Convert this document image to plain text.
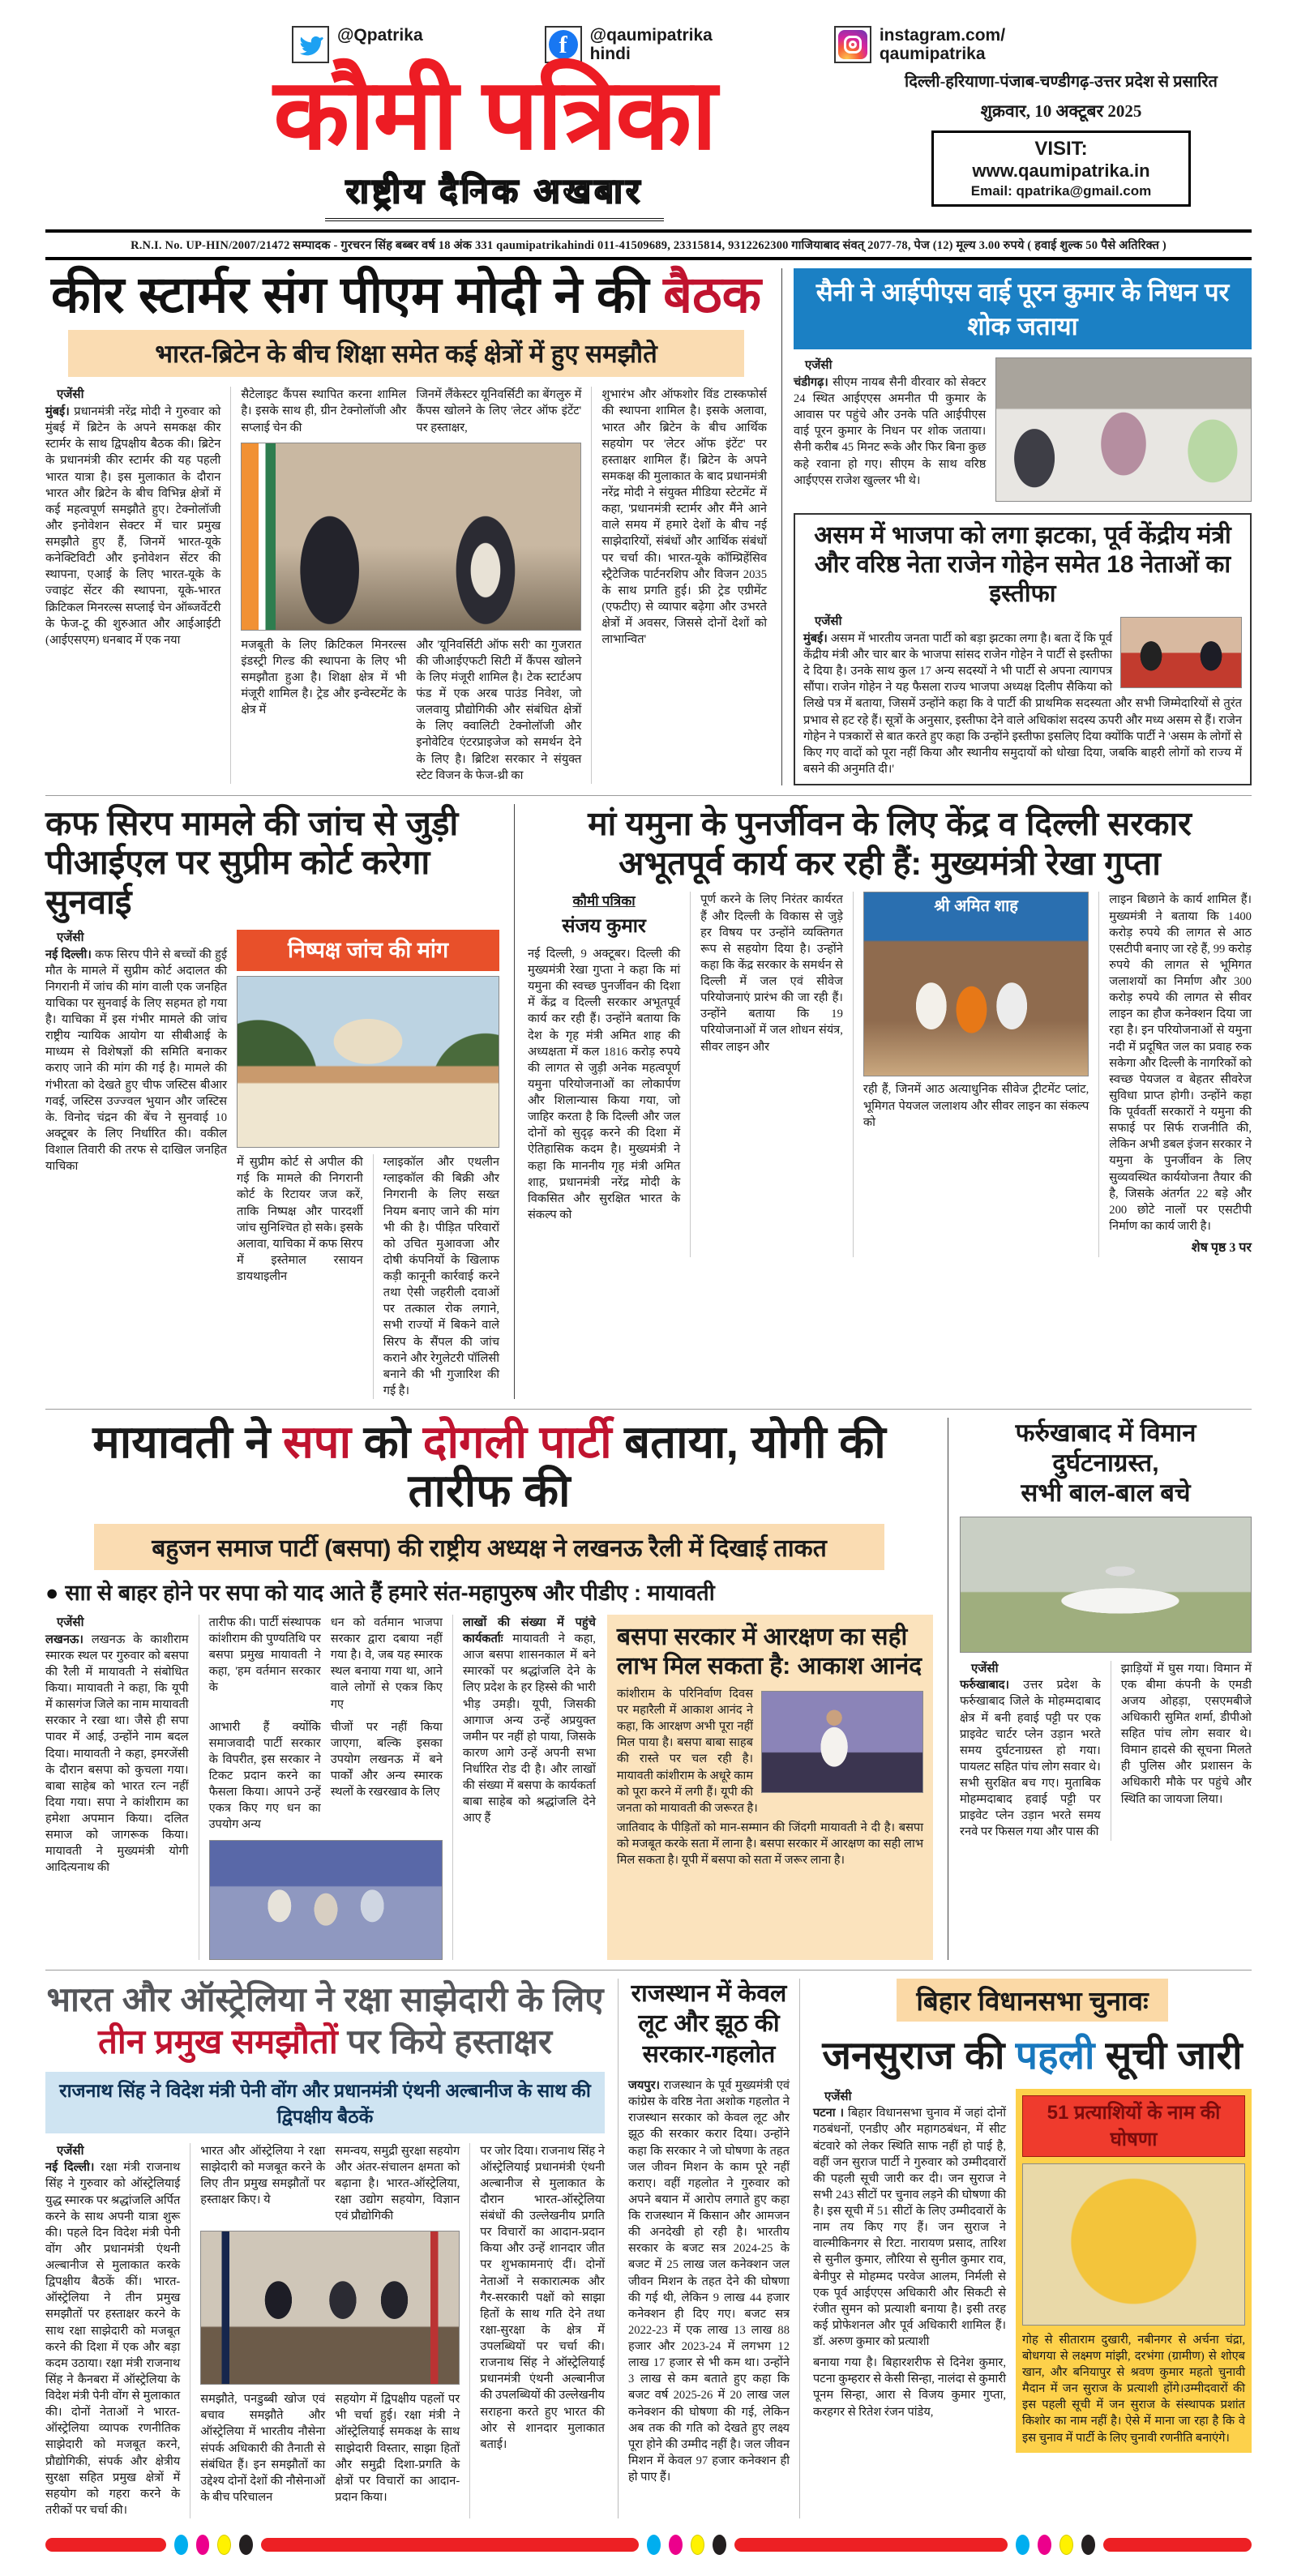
@Qpatrika	f	@qaumipatrika
hindi
instagram.com/
qaumipatrika
कौमी पत्रिका
राष्ट्रीय दैनिक अखबार
दिल्ली-हरियाणा-पंजाब-चण्डीगढ़-उत्तर प्रदेश से प्रसारित
शुक्रवार, 10 अक्टूबर 2025
VISIT:
www.qaumipatrika.in
Email: qpatrika@gmail.com
R.N.I. No. UP-HIN/2007/21472 सम्पादक - गुरचरन सिंह बब्बर वर्ष 18 अंक 331 qaumipatrikahindi 011-41509689, 23315814, 9312262300 गाजियाबाद संवत् 2077-78, पेज (12) मूल्य 3.00 रुपये ( हवाई शुल्क 50 पैसे अतिरिक्त )
कीर स्टार्मर संग पीएम मोदी ने की बैठक
भारत-ब्रिटेन के बीच शिक्षा समेत कई क्षेत्रों में हुए समझौते
एजेंसी

मुंबई। प्रधानमंत्री नरेंद्र मोदी ने गुरुवार को मुंबई में ब्रिटेन के अपने समकक्ष कीर स्टार्मर के साथ द्विपक्षीय बैठक की। ब्रिटेन के प्रधानमंत्री कीर स्टार्मर की यह पहली भारत यात्रा है। इस मुलाकात के दौरान भारत और ब्रिटेन के बीच विभिन्न क्षेत्रों में कई महत्वपूर्ण समझौते हुए। टेक्नोलॉजी और इनोवेशन सेक्टर में चार प्रमुख समझौते हुए हैं, जिनमें भारत-यूके कनेक्टिविटी और इनोवेशन सेंटर की स्थापना, एआई के लिए भारत-यूके के ज्वाइंट सेंटर की स्थापना, यूके-भारत क्रिटिकल मिनरल्स सप्लाई चेन ऑब्जर्वेटरी के फेज-टू की शुरुआत और आईआईटी (आईएसएम) धनबाद में एक नया

सैटेलाइट कैंपस स्थापित करना शामिल है। इसके साथ ही, ग्रीन टेक्नोलॉजी और सप्लाई चेन की
जिनमें लैंकेस्टर यूनिवर्सिटी का बेंगलुरु में कैंपस खोलने के लिए 'लेटर ऑफ इंटेंट' पर हस्ताक्षर,
मजबूती के लिए क्रिटिकल मिनरल्स इंडस्ट्री गिल्ड की स्थापना के लिए भी समझौता हुआ है। शिक्षा क्षेत्र में भी मंजूरी शामिल है। ट्रेड और इन्वेस्टमेंट के क्षेत्र में
और 'यूनिवर्सिटी ऑफ सरी' का गुजरात की जीआईएफटी सिटी में कैंपस खोलने के लिए मंजूरी शामिल है। टेक स्टार्टअप फंड में एक अरब पाउंड निवेश, जो जलवायु प्रौद्योगिकी और संबंधित क्षेत्रों के लिए क्वालिटी टेक्नोलॉजी और इनोवेटिव एंटरप्राइजेज को समर्थन देने के लिए है। ब्रिटिश सरकार ने संयुक्त स्टेट विजन के फेज-थ्री का
शुभारंभ और ऑफशोर विंड टास्कफोर्स की स्थापना शामिल है। इसके अलावा, भारत और ब्रिटेन के बीच आर्थिक सहयोग पर 'लेटर ऑफ इंटेंट' पर हस्ताक्षर शामिल हैं। ब्रिटेन के अपने समकक्ष की मुलाकात के बाद प्रधानमंत्री नरेंद्र मोदी ने संयुक्त मीडिया स्टेटमेंट में कहा, 'प्रधानमंत्री स्टार्मर और मैंने आने वाले समय में हमारे देशों के बीच नई साझेदारियों, संबंधों और आर्थिक संबंधों पर चर्चा की। भारत-यूके कॉम्प्रिहेंसिव स्ट्रैटेजिक पार्टनरशिप और विजन 2035 के साथ प्रगति हुई। फ्री ट्रेड एग्रीमेंट (एफटीए) से व्यापार बढ़ेगा और उभरते क्षेत्रों में अवसर, जिससे दोनों देशों को लाभान्वित'
सैनी ने आईपीएस वाई पूरन कुमार के निधन पर शोक जताया
एजेंसी

चंडीगढ़। सीएम नायब सैनी वीरवार को सेक्टर 24 स्थित आईएएस अमनीत पी कुमार के आवास पर पहुंचे और उनके पति आईपीएस वाई पूरन कुमार के निधन पर शोक जताया। सैनी करीब 45 मिनट रूके और फिर बिना कुछ कहे रवाना हो गए। सीएम के साथ वरिष्ठ आईएएस राजेश खुल्लर भी थे।

असम में भाजपा को लगा झटका, पूर्व केंद्रीय मंत्री और वरिष्ठ नेता राजेन गोहेन समेत 18 नेताओं का इस्तीफा
एजेंसी

मुंबई। असम में भारतीय जनता पार्टी को बड़ा झटका लगा है। बता दें कि पूर्व केंद्रीय मंत्री और चार बार के भाजपा सांसद राजेन गोहेन ने पार्टी से इस्तीफा दे दिया है। उनके साथ कुल 17 अन्य सदस्यों ने भी पार्टी से अपना त्यागपत्र सौंपा। राजेन गोहेन ने यह फैसला राज्य भाजपा अध्यक्ष दिलीप सैकिया को लिखे पत्र में बताया, जिसमें उन्होंने कहा कि वे पार्टी की प्राथमिक सदस्यता और सभी जिम्मेदारियों से तुरंत प्रभाव से हट रहे हैं। सूत्रों के अनुसार, इस्तीफा देने वाले अधिकांश सदस्य ऊपरी और मध्य असम से हैं। राजेन गोहेन ने पत्रकारों से बात करते हुए कहा कि उन्होंने इस्तीफा इसलिए दिया क्योंकि पार्टी ने 'असम के लोगों से किए गए वादों को पूरा नहीं किया और स्थानीय समुदायों को धोखा दिया, जबकि बाहरी लोगों को राज्य में बसने की अनुमति दी।'

कफ सिरप मामले की जांच से जुड़ी
पीआईएल पर सुप्रीम कोर्ट करेगा सुनवाई
एजेंसी

नई दिल्ली। कफ सिरप पीने से बच्चों की हुई मौत के मामले में सुप्रीम कोर्ट अदालत की निगरानी में जांच की मांग वाली एक जनहित याचिका पर सुनवाई के लिए सहमत हो गया है। याचिका में इस गंभीर मामले की जांच राष्ट्रीय न्यायिक आयोग या सीबीआई के माध्यम से विशेषज्ञों की समिति बनाकर कराए जाने की मांग की गई है। मामले की गंभीरता को देखते हुए चीफ जस्टिस बीआर गवई, जस्टिस उज्ज्वल भुयान और जस्टिस के. विनोद चंद्रन की बेंच ने सुनवाई 10 अक्टूबर के लिए निर्धारित की। वकील विशाल तिवारी की तरफ से दाखिल जनहित याचिका

निष्पक्ष जांच की मांग
में सुप्रीम कोर्ट से अपील की गई कि मामले की निगरानी कोर्ट के रिटायर जज करें, ताकि निष्पक्ष और पारदर्शी जांच सुनिश्चित हो सके। इसके अलावा, याचिका में कफ सिरप में इस्तेमाल रसायन डायथाइलीन
ग्लाइकॉल और एथलीन ग्लाइकॉल की बिक्री और निगरानी के लिए सख्त नियम बनाए जाने की मांग भी की है। पीड़ित परिवारों को उचित मुआवजा और दोषी कंपनियों के खिलाफ कड़ी कानूनी कार्रवाई करने तथा ऐसी जहरीली दवाओं पर तत्काल रोक लगाने, सभी राज्यों में बिकने वाले सिरप के सैंपल की जांच कराने और रेगुलेटरी पॉलिसी बनाने की भी गुजारिश की गई है।
मां यमुना के पुनर्जीवन के लिए केंद्र व दिल्ली सरकार
अभूतपूर्व कार्य कर रही हैं: मुख्यमंत्री रेखा गुप्ता
कौमी पत्रिका
संजय कुमार

नई दिल्ली, 9 अक्टूबर। दिल्ली की मुख्यमंत्री रेखा गुप्ता ने कहा कि मां यमुना की स्वच्छ पुनर्जीवन की दिशा में केंद्र व दिल्ली सरकार अभूतपूर्व कार्य कर रही हैं। उन्होंने बताया कि देश के गृह मंत्री अमित शाह की अध्यक्षता में कल 1816 करोड़ रुपये की लागत से जुड़ी अनेक महत्वपूर्ण यमुना परियोजनाओं का लोकार्पण और शिलान्यास किया गया, जो जाहिर करता है कि दिल्ली और जल दोनों को सुदृढ़ करने की दिशा में ऐतिहासिक कदम है। मुख्यमंत्री ने कहा कि माननीय गृह मंत्री अमित शाह, प्रधानमंत्री नरेंद्र मोदी के विकसित और सुरक्षित भारत के संकल्प को

पूर्ण करने के लिए निरंतर कार्यरत हैं और दिल्ली के विकास से जुड़े हर विषय पर उन्होंने व्यक्तिगत रूप से सहयोग दिया है। उन्होंने कहा कि केंद्र सरकार के समर्थन से दिल्ली में जल एवं सीवेज परियोजनाएं प्रारंभ की जा रही हैं। उन्होंने बताया कि 19 परियोजनाओं में जल शोधन संयंत्र, सीवर लाइन और
श्री अमित शाह

रही हैं, जिनमें आठ अत्याधुनिक सीवेज ट्रीटमेंट प्लांट, भूमिगत पेयजल जलाशय और सीवर लाइन का संकल्प को

लाइन बिछाने के कार्य शामिल हैं। मुख्यमंत्री ने बताया कि 1400 करोड़ रुपये की लागत से आठ एसटीपी बनाए जा रहे हैं, 99 करोड़ रुपये की लागत से भूमिगत जलाशयों का निर्माण और 300 करोड़ रुपये की लागत से सीवर लाइन का हौज कनेक्शन दिया जा रहा है। इन परियोजनाओं से यमुना नदी में प्रदूषित जल का प्रवाह रुक सकेगा और दिल्ली के नागरिकों को स्वच्छ पेयजल व बेहतर सीवरेज सुविधा प्राप्त होगी। उन्होंने कहा कि पूर्ववर्ती सरकारों ने यमुना की सफाई पर सिर्फ राजनीति की, लेकिन अभी डबल इंजन सरकार ने यमुना के पुनर्जीवन के लिए सुव्यवस्थित कार्ययोजना तैयार की है, जिसके अंतर्गत 22 बड़े और 200 छोटे नालों पर एसटीपी निर्माण का कार्य जारी है।

शेष पृष्ठ 3 पर
मायावती ने सपा को दोगली पार्टी बताया, योगी की तारीफ की
बहुजन समाज पार्टी (बसपा) की राष्ट्रीय अध्यक्ष ने लखनऊ रैली में दिखाई ताकत
● साा से बाहर होने पर सपा को याद आते हैं हमारे संत-महापुरुष और पीडीए : मायावती
एजेंसी

लखनऊ। लखनऊ के काशीराम स्मारक स्थल पर गुरुवार को बसपा की रैली में मायावती ने संबोधित किया। मायावती ने कहा, कि यूपी में कासगंज जिले का नाम मायावती सरकार ने रखा था। जैसे ही सपा पावर में आई, उन्होंने नाम बदल दिया। मायावती ने कहा, इमरजेंसी के दौरान बसपा को कुचला गया। बाबा साहेब को भारत रत्न नहीं दिया गया। सपा ने कांशीराम का हमेशा अपमान किया। दलित समाज को जागरूक किया। मायावती ने मुख्यमंत्री योगी आदित्यनाथ की

तारीफ की। पार्टी संस्थापक कांशीराम की पुण्यतिथि पर बसपा प्रमुख मायावती ने कहा, 'हम वर्तमान सरकार के
धन को वर्तमान भाजपा सरकार द्वारा दबाया नहीं गया है। वे, जब यह स्मारक स्थल बनाया गया था, आने वाले लोगों से एकत्र किए गए
आभारी हैं क्योंकि समाजवादी पार्टी सरकार के विपरीत, इस सरकार ने टिकट प्रदान करने का फैसला किया। आपने उन्हें एकत्र किए गए धन का उपयोग अन्य
चीजों पर नहीं किया जाएगा, बल्कि इसका उपयोग लखनऊ में बने पार्कों और अन्य स्मारक स्थलों के रखरखाव के लिए

लाखों की संख्या में पहुंचे कार्यकर्ताः मायावती ने कहा, आज बसपा शासनकाल में बने स्मारकों पर श्रद्धांजलि देने के लिए प्रदेश के हर हिस्से की भारी भीड़ उमड़ी। यूपी, जिसकी आगाज अन्य उन्हें अप्रयुक्त जमीन पर नहीं हो पाया, जिसके कारण आगे उन्हें अपनी सभा निर्धारित रोड दी है। और लाखों की संख्या में बसपा के कार्यकर्ता बाबा साहेब को श्रद्धांजलि देने आए हैं

बसपा सरकार में आरक्षण का सही
लाभ मिल सकता है: आकाश आनंद

कांशीराम के परिनिर्वाण दिवस पर महारैली में आकाश आनंद ने कहा, कि आरक्षण अभी पूरा नहीं मिल पाया है। बसपा बाबा साहब की रास्ते पर चल रही है। मायावती कांशीराम के अधूरे काम को पूरा करने में लगी हैं। यूपी की जनता को मायावती की जरूरत है।

जातिवाद के पीड़ितों को मान-सम्मान की जिंदगी मायावती ने दी है। बसपा को मजबूत करके सता में लाना है। बसपा सरकार में आरक्षण का सही लाभ मिल सकता है। यूपी में बसपा को सता में जरूर लाना है।

फर्रुखाबाद में विमान दुर्घटनाग्रस्त,
सभी बाल-बाल बचे
एजेंसी

फर्रुखाबाद। उत्तर प्रदेश के फर्रुखाबाद जिले के मोहम्मदाबाद क्षेत्र में बनी हवाई पट्टी पर एक प्राइवेट चार्टर प्लेन उड़ान भरते समय दुर्घटनाग्रस्त हो गया। पायलट सहित पांच लोग सवार थे। सभी सुरक्षित बच गए। मुताबिक मोहम्मदाबाद हवाई पट्टी पर प्राइवेट प्लेन उड़ान भरते समय रनवे पर फिसल गया और पास की

झाड़ियों में घुस गया। विमान में एक बीमा कंपनी के एमडी अजय ओहड़ा, एसएमबीजे अधिकारी सुमित शर्मा, डीपीओ सहित पांच लोग सवार थे। विमान हादसे की सूचना मिलते ही पुलिस और प्रशासन के अधिकारी मौके पर पहुंचे और स्थिति का जायजा लिया।
भारत और ऑस्ट्रेलिया ने रक्षा साझेदारी के लिए
तीन प्रमुख समझौतों पर किये हस्ताक्षर
राजनाथ सिंह ने विदेश मंत्री पेनी वोंग और प्रधानमंत्री एंथनी अल्बानीज के साथ की द्विपक्षीय बैठकें
एजेंसी

नई दिल्ली। रक्षा मंत्री राजनाथ सिंह ने गुरुवार को ऑस्ट्रेलियाई युद्ध स्मारक पर श्रद्धांजलि अर्पित करने के साथ अपनी यात्रा शुरू की। पहले दिन विदेश मंत्री पेनी वोंग और प्रधानमंत्री एंथनी अल्बानीज से मुलाकात करके द्विपक्षीय बैठकें कीं। भारत-ऑस्ट्रेलिया ने तीन प्रमुख समझौतों पर हस्ताक्षर करने के साथ रक्षा साझेदारी को मजबूत करने की दिशा में एक और बड़ा कदम उठाया। रक्षा मंत्री राजनाथ सिंह ने कैनबरा में ऑस्ट्रेलिया के विदेश मंत्री पेनी वोंग से मुलाकात की। दोनों नेताओं ने भारत-ऑस्ट्रेलिया व्यापक रणनीतिक साझेदारी को मजबूत करने, प्रौद्योगिकी, संपर्क और क्षेत्रीय सुरक्षा सहित प्रमुख क्षेत्रों में सहयोग को गहरा करने के तरीकों पर चर्चा की।

भारत और ऑस्ट्रेलिया ने रक्षा साझेदारी को मजबूत करने के लिए तीन प्रमुख समझौतों पर हस्ताक्षर किए। ये
समन्वय, समुद्री सुरक्षा सहयोग और अंतर-संचालन क्षमता को बढ़ाना है। भारत-ऑस्ट्रेलिया, रक्षा उद्योग सहयोग, विज्ञान एवं प्रौद्योगिकी
समझौते, पनडुब्बी खोज एवं बचाव समझौते और ऑस्ट्रेलिया में भारतीय नौसेना संपर्क अधिकारी की तैनाती से संबंधित हैं। इन समझौतों का उद्देश्य दोनों देशों की नौसेनाओं के बीच परिचालन
सहयोग में द्विपक्षीय पहलों पर भी चर्चा हुई। रक्षा मंत्री ने ऑस्ट्रेलियाई समकक्ष के साथ साझेदारी विस्तार, साझा हितों और समुद्री दिशा-प्रगति के क्षेत्रों पर विचारों का आदान-प्रदान किया।
पर जोर दिया। राजनाथ सिंह ने ऑस्ट्रेलियाई प्रधानमंत्री एंथनी अल्बानीज से मुलाकात के दौरान भारत-ऑस्ट्रेलिया संबंधों की उल्लेखनीय प्रगति पर विचारों का आदान-प्रदान किया और उन्हें शानदार जीत पर शुभकामनाएं दीं। दोनों नेताओं ने सकारात्मक और गैर-सरकारी पक्षों को साझा हितों के साथ गति देने तथा रक्षा-सुरक्षा के क्षेत्र में उपलब्धियों पर चर्चा की। राजनाथ सिंह ने ऑस्ट्रेलियाई प्रधानमंत्री एंथनी अल्बानीज की उपलब्धियों की उल्लेखनीय सराहना करते हुए भारत की ओर से शानदार मुलाकात बताई।
राजस्थान में केवल लूट और झूठ की सरकार-गहलोत

जयपुर। राजस्थान के पूर्व मुख्यमंत्री एवं कांग्रेस के वरिष्ठ नेता अशोक गहलोत ने राजस्थान सरकार को केवल लूट और झूठ की सरकार करार दिया। उन्होंने कहा कि सरकार ने जो घोषणा के तहत जल जीवन मिशन के काम पूरे नहीं कराए। वहीं गहलोत ने गुरुवार को अपने बयान में आरोप लगाते हुए कहा कि राजस्थान में किसान और आमजन की अनदेखी हो रही है। भारतीय सरकार के बजट सत्र 2024-25 के बजट में 25 लाख जल कनेक्शन जल जीवन मिशन के तहत देने की घोषणा की गई थी, लेकिन 9 लाख 44 हजार कनेक्शन ही दिए गए। बजट सत्र 2022-23 में एक लाख 13 लाख 88 हजार और 2023-24 में लगभग 12 लाख 17 हजार से भी कम था। उन्होंने 3 लाख से कम बताते हुए कहा कि बजट वर्ष 2025-26 में 20 लाख जल कनेक्शन की घोषणा की गई, लेकिन अब तक की गति को देखते हुए लक्ष्य पूरा होने की उम्मीद नहीं है। जल जीवन मिशन में केवल 97 हजार कनेक्शन ही हो पाए हैं।

बिहार विधानसभा चुनावः
जनसुराज की पहली सूची जारी
एजेंसी

पटना । बिहार विधानसभा चुनाव में जहां दोनों गठबंधनों, एनडीए और महागठबंधन, में सीट बंटवारे को लेकर स्थिति साफ नहीं हो पाई है, वहीं जन सुराज पार्टी ने गुरुवार को उम्मीदवारों की पहली सूची जारी कर दी। जन सुराज ने सभी 243 सीटों पर चुनाव लड़ने की घोषणा की है। इस सूची में 51 सीटों के लिए उम्मीदवारों के नाम तय किए गए हैं। जन सुराज ने वाल्मीकिनगर से रिटा. नारायण प्रसाद, तारिश से सुनील कुमार, लौरिया से सुनील कुमार राव, बेनीपुर से मोहम्मद परवेज आलम, निर्मली से एक पूर्व आईएएस अधिकारी और सिकटी से रंजीत सुमन को प्रत्याशी बनाया है। इसी तरह कई प्रोफेशनल और पूर्व अधिकारी शामिल हैं। डॉ. अरुण कुमार को प्रत्याशी

बनाया गया है। बिहारशरीफ से दिनेश कुमार, पटना कुम्हरार से केसी सिन्हा, नालंदा से कुमारी पूनम सिन्हा, आरा से विजय कुमार गुप्ता, करहगर से रितेश रंजन पांडेय,

51 प्रत्याशियों के नाम की घोषणा

गोह से सीताराम दुखारी, नबीनगर से अर्चना चंद्रा, बोधगया से लक्ष्मण मांझी, दरभंगा (ग्रामीण) से शोएब खान, और बनियापुर से श्रवण कुमार महतो चुनावी मैदान में जन सुराज के प्रत्याशी होंगे।उम्मीदवारों की इस पहली सूची में जन सुराज के संस्थापक प्रशांत किशोर का नाम नहीं है। ऐसे में माना जा रहा है कि वे इस चुनाव में पार्टी के लिए चुनावी रणनीति बनाएंगे।
